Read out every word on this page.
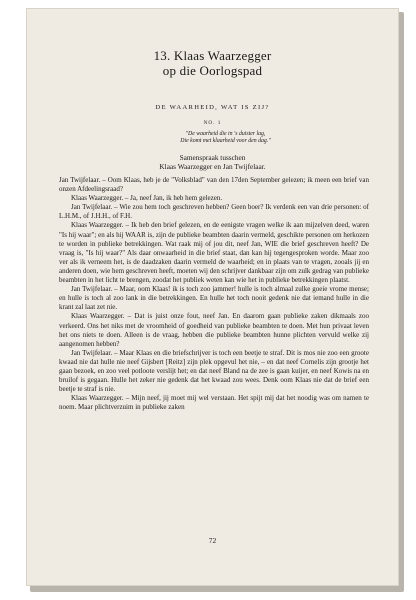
13. Klaas Waarzegger
op die Oorlogspad
DE WAARHEID, WAT IS ZIJ?
NO. 1
"De waarheid die in 's duister lag,
Die komt met klaarheid voor den dag."
Samenspraak tusschen
Klaas Waarzegger en Jan Twijfelaar.

Jan Twijfelaar. – Oom Klaas, heb je de "Volksblad" van den 17den September gelezen; ik meen een brief van onzen Afdeelingsraad?

Klaas Waarzegger. – Ja, neef Jan, ik heb hem gelezen.

Jan Twijfelaar. – Wie zou hem toch geschreven hebben? Geen boer? Ik verdenk een van drie personen: of L.H.M., of J.H.H., of F.H.

Klaas Waarzegger. – Ik heb den brief gelezen, en de eenigste vragen welke ik aan mijzelven deed, waren "Is hij waar"; en als hij WAAR is, zijn de publieke beambten daarin vermeld, geschikte personen om herkozen te worden in publieke betrekkingen. Wat raak mij of jou dit, neef Jan, WIE die brief geschreven heeft? De vraag is, "Is hij waar?" Als daar onwaarheid in die brief staat, dan kan hij tegengesproken worde. Maar zoo ver als ik verneem het, is de daadzaken daarin vermeld de waarheid; en in plaats van te vragen, zooals jij en anderen doen, wie hem geschreven heeft, moeten wij den schrijver dankbaar zijn om zulk gedrag van publieke beambten in het licht te brengen, zoodat het publiek weten kan wie het in publieke betrekkingen plaatst.

Jan Twijfelaar. – Maar, oom Klaas! ik is toch zoo jammer! hulle is toch almaal zulke goeie vrome mense; en hulle is toch al zoo lank in die betrekkingen. En hulle het toch nooit gedenk nie dat iemand hulle in die krant zal laat zet nie.

Klaas Waarzegger. – Dat is juist onze fout, neef Jan. En daarom gaan publieke zaken dikmaals zoo verkeerd. Ons het niks met de vroomheid of goedheid van publieke beambten te doen. Met hun privaat leven het ons niets te doen. Alleen is de vraag, hebben die publieke beambten hunne plichten vervuld welke zij aangenomen hebben?

Jan Twijfelaar. – Maar Klaas en die briefschrijver is toch een beetje te straf. Dit is mos nie zoo een groote kwaad nie dat hulle nie neef Gijsbert [Reitz] zijn plek opgevul het nie, – en dat neef Cornelis zijn grootje het gaan bezoek, en zoo veel potlootе verslijt het; en dat neef Bland na de zee is gaan kuijer, en neef Kowis na en bruilof is gegaan. Hulle het zeker nie gedenk dat het kwaad zou wees. Denk oom Klaas nie dat de brief een beetje te straf is nie.

Klaas Waarzegger. – Mijn neef, jij moet mij wel verstaan. Het spijt mij dat het noodig was om namen te noem. Maar plichtverzuim in publieke zaken

72
